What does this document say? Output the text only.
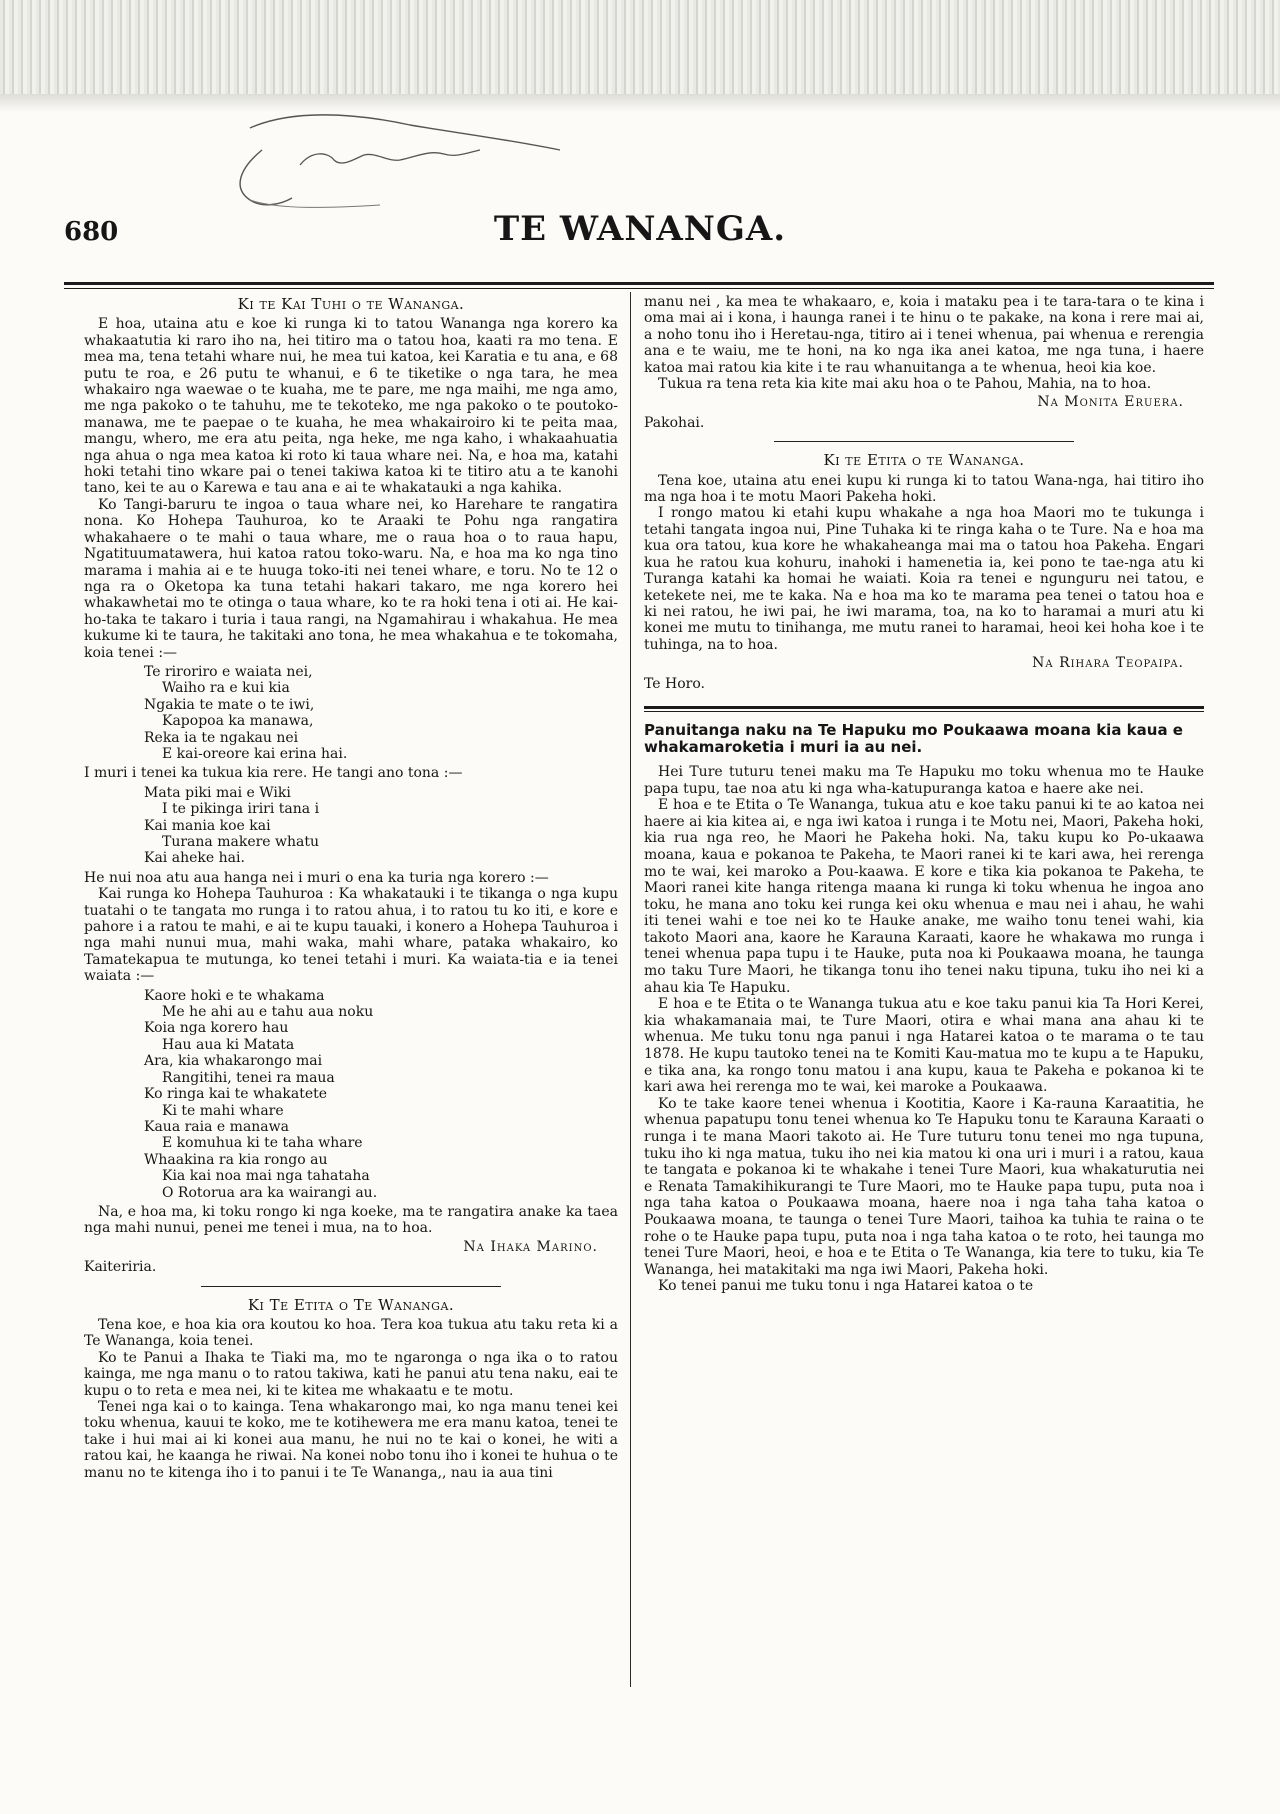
680	TE WANANGA.
Ki te Kai Tuhi o te Wananga.

E hoa, utaina atu e koe ki runga ki to tatou Wananga nga korero ka whakaatutia ki raro iho na, hei titiro ma o tatou hoa, kaati ra mo tena. E mea ma, tena tetahi whare nui, he mea tui katoa, kei Karatia e tu ana, e 68 putu te roa, e 26 putu te whanui, e 6 te tiketike o nga tara, he mea whakairo nga waewae o te kuaha, me te pare, me nga maihi, me nga amo, me nga pakoko o te tahuhu, me te tekoteko, me nga pakoko o te poutoko-manawa, me te paepae o te kuaha, he mea whakairoiro ki te peita maa, mangu, whero, me era atu peita, nga heke, me nga kaho, i whakaahuatia nga ahua o nga mea katoa ki roto ki taua whare nei. Na, e hoa ma, katahi hoki tetahi tino wkare pai o tenei takiwa katoa ki te titiro atu a te kanohi tano, kei te au o Karewa e tau ana e ai te whakatauki a nga kahika.

Ko Tangi-baruru te ingoa o taua whare nei, ko Harehare te rangatira nona. Ko Hohepa Tauhuroa, ko te Araaki te Pohu nga rangatira whakahaere o te mahi o taua whare, me o raua hoa o to raua hapu, Ngatituumatawera, hui katoa ratou toko-waru. Na, e hoa ma ko nga tino marama i mahia ai e te huuga toko-iti nei tenei whare, e toru. No te 12 o nga ra o Oketopa ka tuna tetahi hakari takaro, me nga korero hei whakawhetai mo te otinga o taua whare, ko te ra hoki tena i oti ai. He kai-ho-taka te takaro i turia i taua rangi, na Ngamahirau i whakahua. He mea kukume ki te taura, he takitaki ano tona, he mea whakahua e te tokomaha, koia tenei :—

Te riroriro e waiata nei,
Waiho ra e kui kia
Ngakia te mate o te iwi,
Kapopoa ka manawa,
Reka ia te ngakau nei
E kai-oreore kai erina hai.

I muri i tenei ka tukua kia rere. He tangi ano tona :—

Mata piki mai e Wiki
I te pikinga iriri tana i
Kai mania koe kai
Turana makere whatu
Kai aheke hai.

He nui noa atu aua hanga nei i muri o ena ka turia nga korero :—

Kai runga ko Hohepa Tauhuroa : Ka whakatauki i te tikanga o nga kupu tuatahi o te tangata mo runga i to ratou ahua, i to ratou tu ko iti, e kore e pahore i a ratou te mahi, e ai te kupu tauaki, i konero a Hohepa Tauhuroa i nga mahi nunui mua, mahi waka, mahi whare, pataka whakairo, ko Tamatekapua te mutunga, ko tenei tetahi i muri. Ka waiata-tia e ia tenei waiata :—

Kaore hoki e te whakama
Me he ahi au e tahu aua noku
Koia nga korero hau
Hau aua ki Matata
Ara, kia whakarongo mai
Rangitihi, tenei ra maua
Ko ringa kai te whakatete
Ki te mahi whare
Kaua raia e manawa
E komuhua ki te taha whare
Whaakina ra kia rongo au
Kia kai noa mai nga tahataha
O Rotorua ara ka wairangi au.

Na, e hoa ma, ki toku rongo ki nga koeke, ma te rangatira anake ka taea nga mahi nunui, penei me tenei i mua, na to hoa.

Na Ihaka Marino.
Kaiteriria.
Ki Te Etita o Te Wananga.

Tena koe, e hoa kia ora koutou ko hoa. Tera koa tukua atu taku reta ki a Te Wananga, koia tenei.

Ko te Panui a Ihaka te Tiaki ma, mo te ngaronga o nga ika o to ratou kainga, me nga manu o to ratou takiwa, kati he panui atu tena naku, eai te kupu o to reta e mea nei, ki te kitea me whakaatu e te motu.

Tenei nga kai o to kainga. Tena whakarongo mai, ko nga manu tenei kei toku whenua, kauui te koko, me te kotihewera me era manu katoa, tenei te take i hui mai ai ki konei aua manu, he nui no te kai o konei, he witi a ratou kai, he kaanga he riwai. Na konei nobo tonu iho i konei te huhua o te manu no te kitenga iho i to panui i te Te Wananga,, nau ia aua tini

manu nei , ka mea te whakaaro, e, koia i mataku pea i te tara-tara o te kina i oma mai ai i kona, i haunga ranei i te hinu o te pakake, na kona i rere mai ai, a noho tonu iho i Heretau-nga, titiro ai i tenei whenua, pai whenua e rerengia ana e te waiu, me te honi, na ko nga ika anei katoa, me nga tuna, i haere katoa mai ratou kia kite i te rau whanuitanga a te whenua, heoi kia koe.

Tukua ra tena reta kia kite mai aku hoa o te Pahou, Mahia, na to hoa.

Na Monita Eruera.
Pakohai.
Ki te Etita o te Wananga.

Tena koe, utaina atu enei kupu ki runga ki to tatou Wana-nga, hai titiro iho ma nga hoa i te motu Maori Pakeha hoki.

I rongo matou ki etahi kupu whakahe a nga hoa Maori mo te tukunga i tetahi tangata ingoa nui, Pine Tuhaka ki te ringa kaha o te Ture. Na e hoa ma kua ora tatou, kua kore he whakaheanga mai ma o tatou hoa Pakeha. Engari kua he ratou kua kohuru, inahoki i hamenetia ia, kei pono te tae-nga atu ki Turanga katahi ka homai he waiati. Koia ra tenei e ngunguru nei tatou, e ketekete nei, me te kaka. Na e hoa ma ko te marama pea tenei o tatou hoa e ki nei ratou, he iwi pai, he iwi marama, toa, na ko to haramai a muri atu ki konei me mutu to tinihanga, me mutu ranei to haramai, heoi kei hoha koe i te tuhinga, na to hoa.

Na Rihara Teopaipa.
Te Horo.
Panuitanga naku na Te Hapuku mo Poukaawa moana kia kaua e whakamaroketia i muri ia au nei.

Hei Ture tuturu tenei maku ma Te Hapuku mo toku whenua mo te Hauke papa tupu, tae noa atu ki nga wha-katupuranga katoa e haere ake nei.

E hoa e te Etita o Te Wananga, tukua atu e koe taku panui ki te ao katoa nei haere ai kia kitea ai, e nga iwi katoa i runga i te Motu nei, Maori, Pakeha hoki, kia rua nga reo, he Maori he Pakeha hoki. Na, taku kupu ko Po-ukaawa moana, kaua e pokanoa te Pakeha, te Maori ranei ki te kari awa, hei rerenga mo te wai, kei maroko a Pou-kaawa. E kore e tika kia pokanoa te Pakeha, te Maori ranei kite hanga ritenga maana ki runga ki toku whenua he ingoa ano toku, he mana ano toku kei runga kei oku whenua e mau nei i ahau, he wahi iti tenei wahi e toe nei ko te Hauke anake, me waiho tonu tenei wahi, kia takoto Maori ana, kaore he Karauna Karaati, kaore he whakawa mo runga i tenei whenua papa tupu i te Hauke, puta noa ki Poukaawa moana, he taunga mo taku Ture Maori, he tikanga tonu iho tenei naku tipuna, tuku iho nei ki a ahau kia Te Hapuku.

E hoa e te Etita o te Wananga tukua atu e koe taku panui kia Ta Hori Kerei, kia whakamanaia mai, te Ture Maori, otira e whai mana ana ahau ki te whenua. Me tuku tonu nga panui i nga Hatarei katoa o te marama o te tau 1878. He kupu tautoko tenei na te Komiti Kau-matua mo te kupu a te Hapuku, e tika ana, ka rongo tonu matou i ana kupu, kaua te Pakeha e pokanoa ki te kari awa hei rerenga mo te wai, kei maroke a Poukaawa.

Ko te take kaore tenei whenua i Kootitia, Kaore i Ka-rauna Karaatitia, he whenua papatupu tonu tenei whenua ko Te Hapuku tonu te Karauna Karaati o runga i te mana Maori takoto ai. He Ture tuturu tonu tenei mo nga tupuna, tuku iho ki nga matua, tuku iho nei kia matou ki ona uri i muri i a ratou, kaua te tangata e pokanoa ki te whakahe i tenei Ture Maori, kua whakaturutia nei e Renata Tamakihikurangi te Ture Maori, mo te Hauke papa tupu, puta noa i nga taha katoa o Poukaawa moana, haere noa i nga taha taha katoa o Poukaawa moana, te taunga o tenei Ture Maori, taihoa ka tuhia te raina o te rohe o te Hauke papa tupu, puta noa i nga taha katoa o te roto, hei taunga mo tenei Ture Maori, heoi, e hoa e te Etita o Te Wananga, kia tere to tuku, kia Te Wananga, hei matakitaki ma nga iwi Maori, Pakeha hoki.

Ko tenei panui me tuku tonu i nga Hatarei katoa o te
